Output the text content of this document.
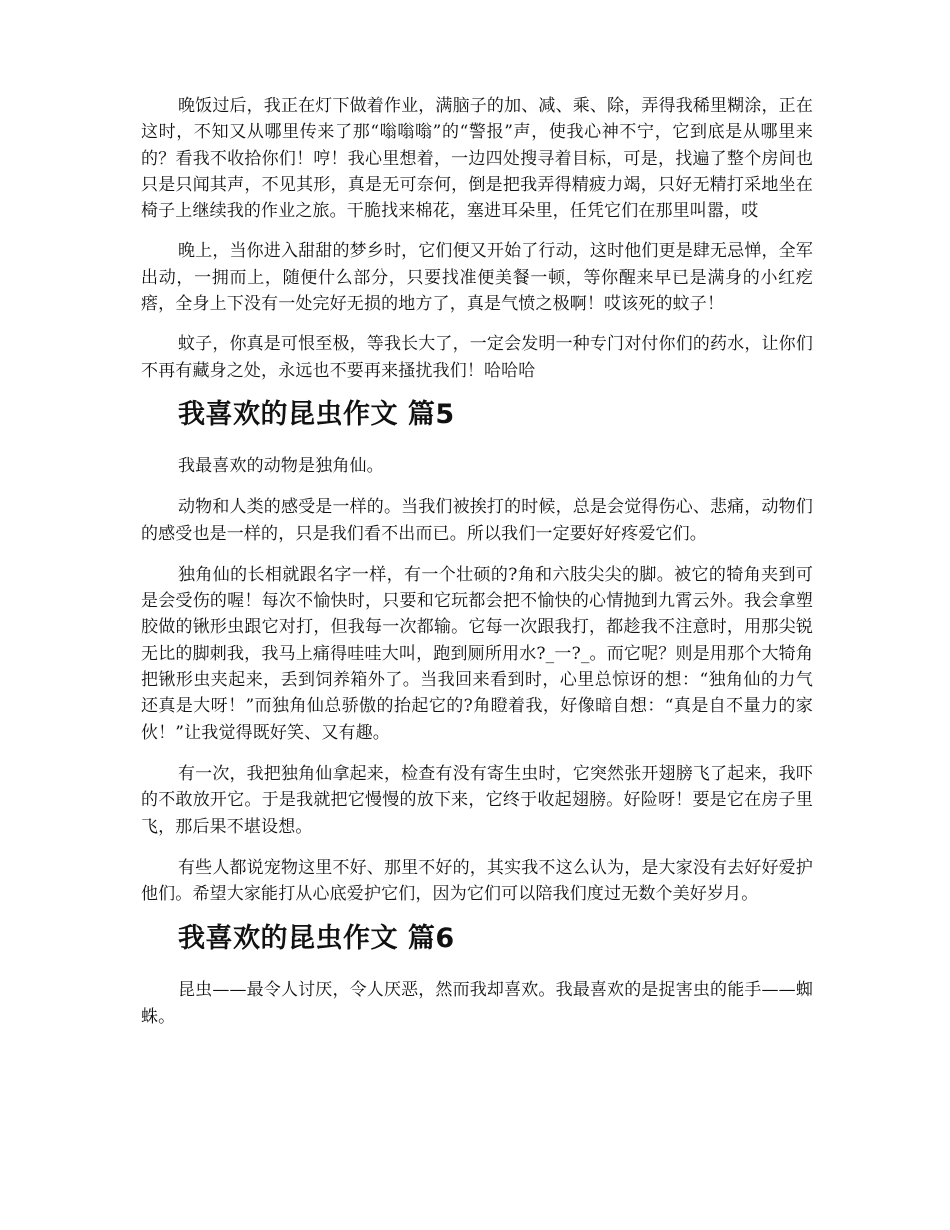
晚饭过后，我正在灯下做着作业，满脑子的加、减、乘、除，弄得我稀里糊涂，正在这时，不知又从哪里传来了那“嗡嗡嗡”的“警报”声，使我心神不宁，它到底是从哪里来的？看我不收拾你们！哼！我心里想着，一边四处搜寻着目标，可是，找遍了整个房间也只是只闻其声，不见其形，真是无可奈何，倒是把我弄得精疲力竭，只好无精打采地坐在椅子上继续我的作业之旅。干脆找来棉花，塞进耳朵里，任凭它们在那里叫嚣，哎

晚上，当你进入甜甜的梦乡时，它们便又开始了行动，这时他们更是肆无忌惮，全军出动，一拥而上，随便什么部分，只要找准便美餐一顿，等你醒来早已是满身的小红疙瘩，全身上下没有一处完好无损的地方了，真是气愤之极啊！哎该死的蚊子！

蚊子，你真是可恨至极，等我长大了，一定会发明一种专门对付你们的药水，让你们不再有藏身之处，永远也不要再来搔扰我们！哈哈哈

我喜欢的昆虫作文 篇5

我最喜欢的动物是独角仙。

动物和人类的感受是一样的。当我们被挨打的时候，总是会觉得伤心、悲痛，动物们的感受也是一样的，只是我们看不出而已。所以我们一定要好好疼爱它们。

独角仙的长相就跟名字一样，有一个壮硕的?角和六肢尖尖的脚。被它的犄角夹到可是会受伤的喔！每次不愉快时，只要和它玩都会把不愉快的心情抛到九霄云外。我会拿塑胶做的锹形虫跟它对打，但我每一次都输。它每一次跟我打，都趁我不注意时，用那尖锐无比的脚刺我，我马上痛得哇哇大叫，跑到厕所用水?_一?_。而它呢？则是用那个大犄角把锹形虫夹起来，丢到饲养箱外了。当我回来看到时，心里总惊讶的想：“独角仙的力气还真是大呀！”而独角仙总骄傲的抬起它的?角瞪着我，好像暗自想：“真是自不量力的家伙！”让我觉得既好笑、又有趣。

有一次，我把独角仙拿起来，检查有没有寄生虫时，它突然张开翅膀飞了起来，我吓的不敢放开它。于是我就把它慢慢的放下来，它终于收起翅膀。好险呀！要是它在房子里飞，那后果不堪设想。

有些人都说宠物这里不好、那里不好的，其实我不这么认为，是大家没有去好好爱护他们。希望大家能打从心底爱护它们，因为它们可以陪我们度过无数个美好岁月。

我喜欢的昆虫作文 篇6

昆虫——最令人讨厌，令人厌恶，然而我却喜欢。我最喜欢的是捉害虫的能手——蜘蛛。
